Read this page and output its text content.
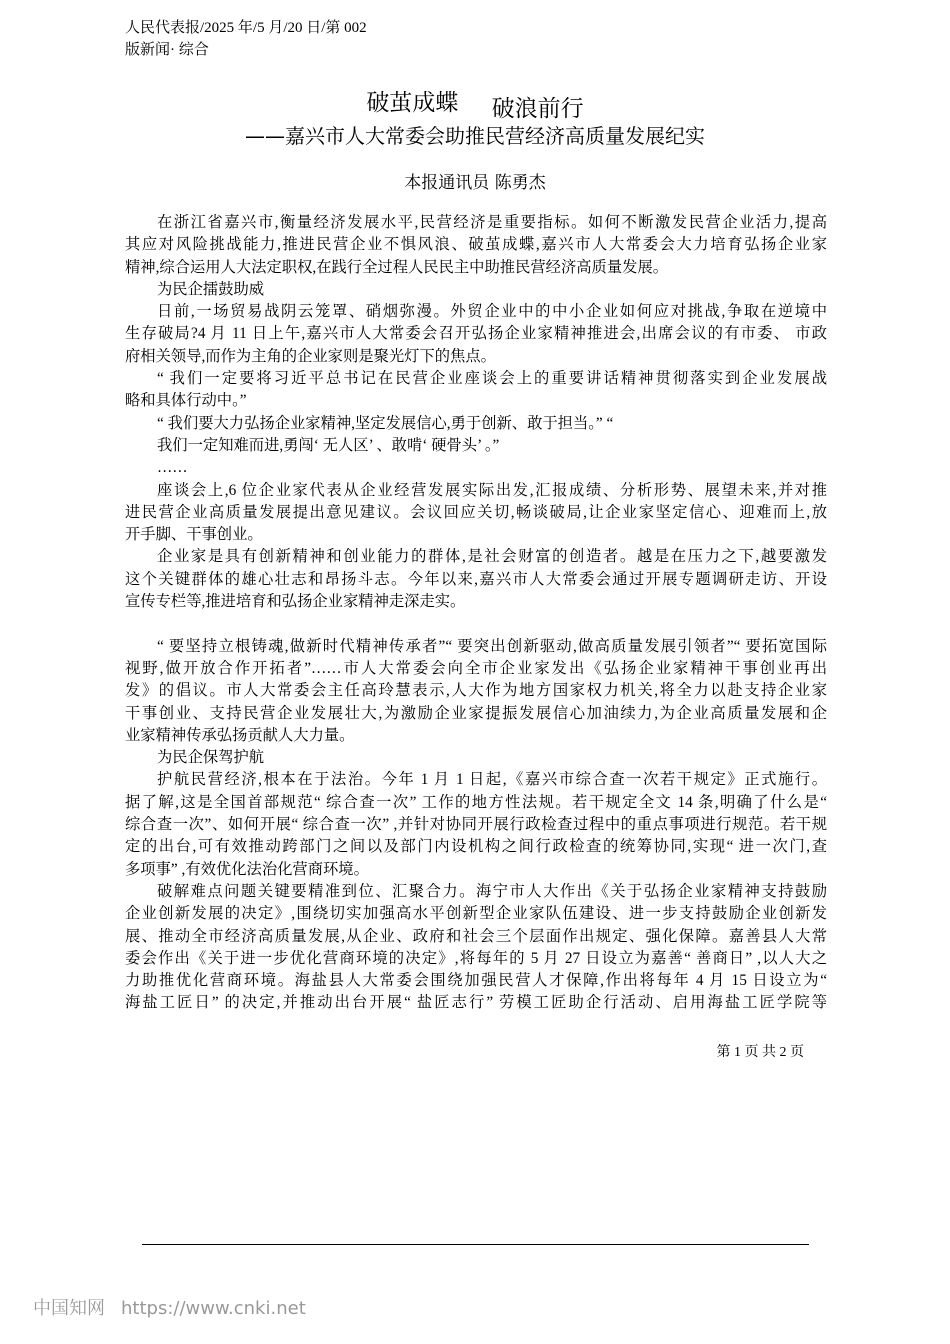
人民代表报/2025 年/5 月/20 日/第 002
版新闻· 综合
破茧成蝶 破浪前行
——嘉兴市人大常委会助推民营经济高质量发展纪实
本报通讯员 陈勇杰
在浙江省嘉兴市,衡量经济发展水平,民营经济是重要指标。如何不断激发民营企业活力,提高
其应对风险挑战能力,推进民营企业不惧风浪、破茧成蝶,嘉兴市人大常委会大力培育弘扬企业家
精神,综合运用人大法定职权,在践行全过程人民民主中助推民营经济高质量发展。
为民企擂鼓助威
日前,一场贸易战阴云笼罩、硝烟弥漫。外贸企业中的中小企业如何应对挑战,争取在逆境中
生存破局?4 月 11 日上午,嘉兴市人大常委会召开弘扬企业家精神推进会,出席会议的有市委、 市政
府相关领导,而作为主角的企业家则是聚光灯下的焦点。
“ 我们一定要将习近平总书记在民营企业座谈会上的重要讲话精神贯彻落实到企业发展战
略和具体行动中。”
“ 我们要大力弘扬企业家精神,坚定发展信心,勇于创新、敢于担当。” “
我们一定知难而进,勇闯‘ 无人区’ 、敢啃‘ 硬骨头’ 。”
……
座谈会上,6 位企业家代表从企业经营发展实际出发,汇报成绩、分析形势、展望未来,并对推
进民营企业高质量发展提出意见建议。会议回应关切,畅谈破局,让企业家坚定信心、迎难而上,放
开手脚、干事创业。
企业家是具有创新精神和创业能力的群体,是社会财富的创造者。越是在压力之下,越要激发
这个关键群体的雄心壮志和昂扬斗志。今年以来,嘉兴市人大常委会通过开展专题调研走访、开设
宣传专栏等,推进培育和弘扬企业家精神走深走实。
“ 要坚持立根铸魂,做新时代精神传承者”“ 要突出创新驱动,做高质量发展引领者”“ 要拓宽国际
视野,做开放合作开拓者”……市人大常委会向全市企业家发出《弘扬企业家精神干事创业再出
发》的倡议。市人大常委会主任高玲慧表示,人大作为地方国家权力机关,将全力以赴支持企业家
干事创业、支持民营企业发展壮大,为激励企业家提振发展信心加油续力,为企业高质量发展和企
业家精神传承弘扬贡献人大力量。
为民企保驾护航
护航民营经济,根本在于法治。今年 1 月 1 日起,《嘉兴市综合查一次若干规定》正式施行。
据了解,这是全国首部规范“ 综合查一次” 工作的地方性法规。若干规定全文 14 条,明确了什么是“
综合查一次”、如何开展“ 综合查一次” ,并针对协同开展行政检查过程中的重点事项进行规范。若干规
定的出台,可有效推动跨部门之间以及部门内设机构之间行政检查的统筹协同,实现“ 进一次门,查
多项事” ,有效优化法治化营商环境。
破解难点问题关键要精准到位、汇聚合力。海宁市人大作出《关于弘扬企业家精神支持鼓励
企业创新发展的决定》,围绕切实加强高水平创新型企业家队伍建设、进一步支持鼓励企业创新发
展、推动全市经济高质量发展,从企业、政府和社会三个层面作出规定、强化保障。嘉善县人大常
委会作出《关于进一步优化营商环境的决定》,将每年的 5 月 27 日设立为嘉善“ 善商日” ,以人大之
力助推优化营商环境。海盐县人大常委会围绕加强民营人才保障,作出将每年 4 月 15 日设立为“
海盐工匠日” 的决定,并推动出台开展“ 盐匠志行” 劳模工匠助企行活动、启用海盐工匠学院等
第 1 页 共 2 页
中国知网 https://www.cnki.net
